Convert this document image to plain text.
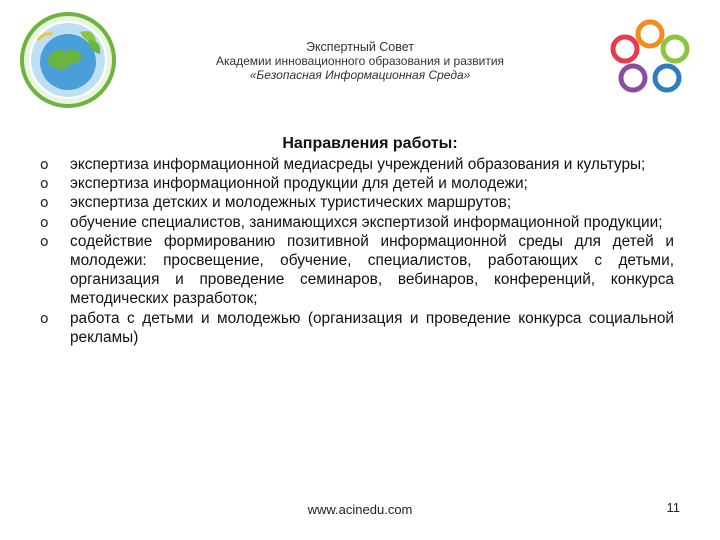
Экспертный Совет
Академии инновационного образования и развития
«Безопасная Информационная Среда»
Направления работы:
o экспертиза информационной медиасреды учреждений образования и культуры;
o экспертиза информационной продукции для детей и молодежи;
o экспертиза детских и молодежных туристических маршрутов;
o обучение специалистов, занимающихся экспертизой информационной продукции;
o содействие формированию позитивной информационной среды для детей и молодежи: просвещение, обучение, специалистов, работающих с детьми, организация и проведение семинаров, вебинаров, конференций, конкурса методических разработок;
o работа с детьми и молодежью (организация и проведение конкурса социальной рекламы)
www.acinedu.com	11
